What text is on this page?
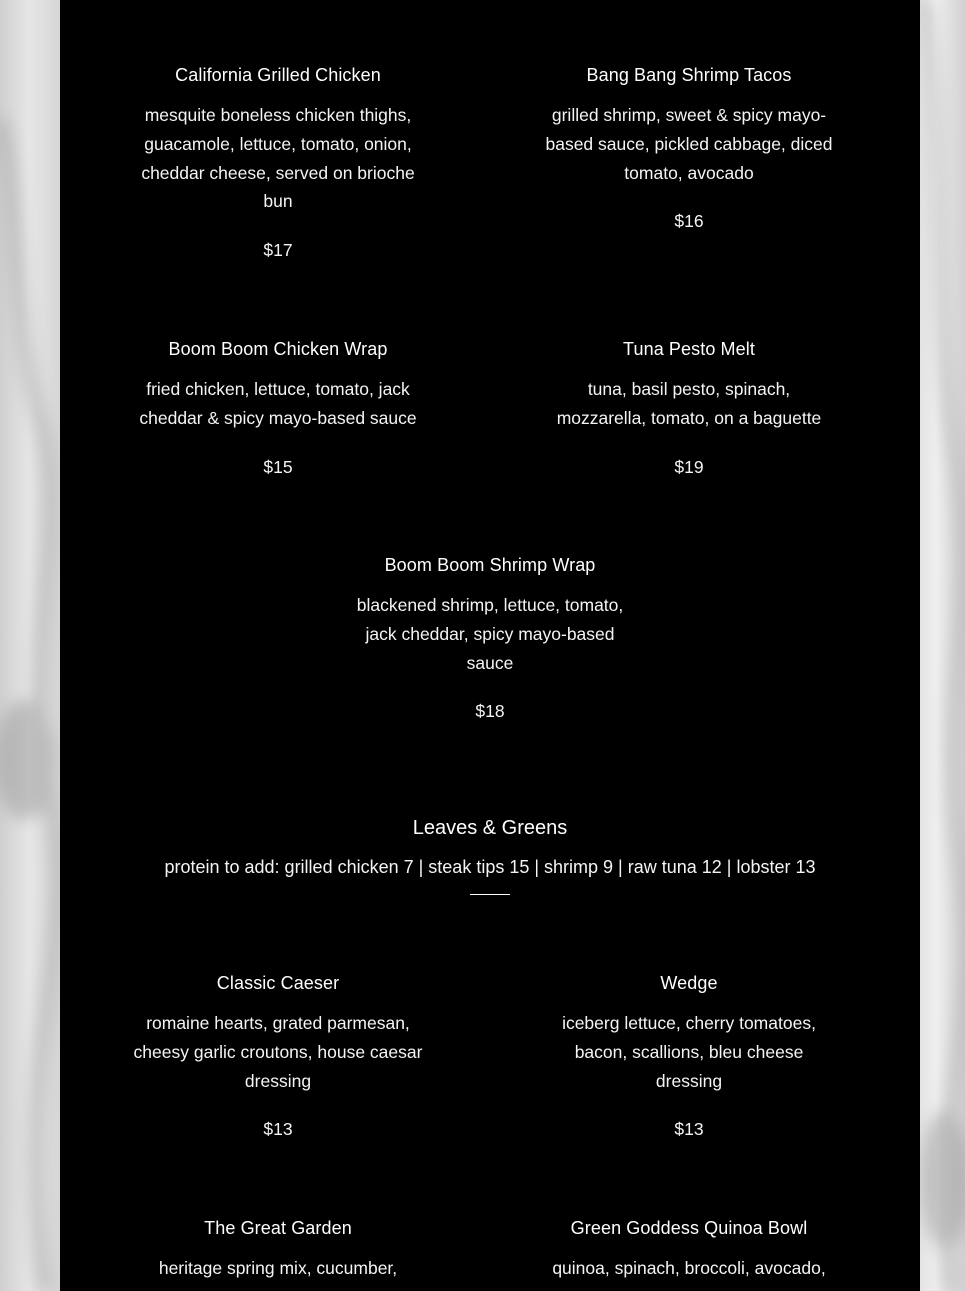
California Grilled Chicken
mesquite boneless chicken thighs, guacamole, lettuce, tomato, onion, cheddar cheese, served on brioche bun
$17
Bang Bang Shrimp Tacos
grilled shrimp, sweet & spicy mayo-based sauce, pickled cabbage, diced tomato, avocado
$16
Boom Boom Chicken Wrap
fried chicken, lettuce, tomato, jack cheddar & spicy mayo-based sauce
$15
Tuna Pesto Melt
tuna, basil pesto, spinach, mozzarella, tomato, on a baguette
$19
Boom Boom Shrimp Wrap
blackened shrimp, lettuce, tomato, jack cheddar, spicy mayo-based sauce
$18
Leaves & Greens
protein to add: grilled chicken 7 | steak tips 15 | shrimp 9 | raw tuna 12 | lobster 13
Classic Caeser
romaine hearts, grated parmesan, cheesy garlic croutons, house caesar dressing
$13
Wedge
iceberg lettuce, cherry tomatoes, bacon, scallions, bleu cheese dressing
$13
The Great Garden
heritage spring mix, cucumber,
Green Goddess Quinoa Bowl
quinoa, spinach, broccoli, avocado,
